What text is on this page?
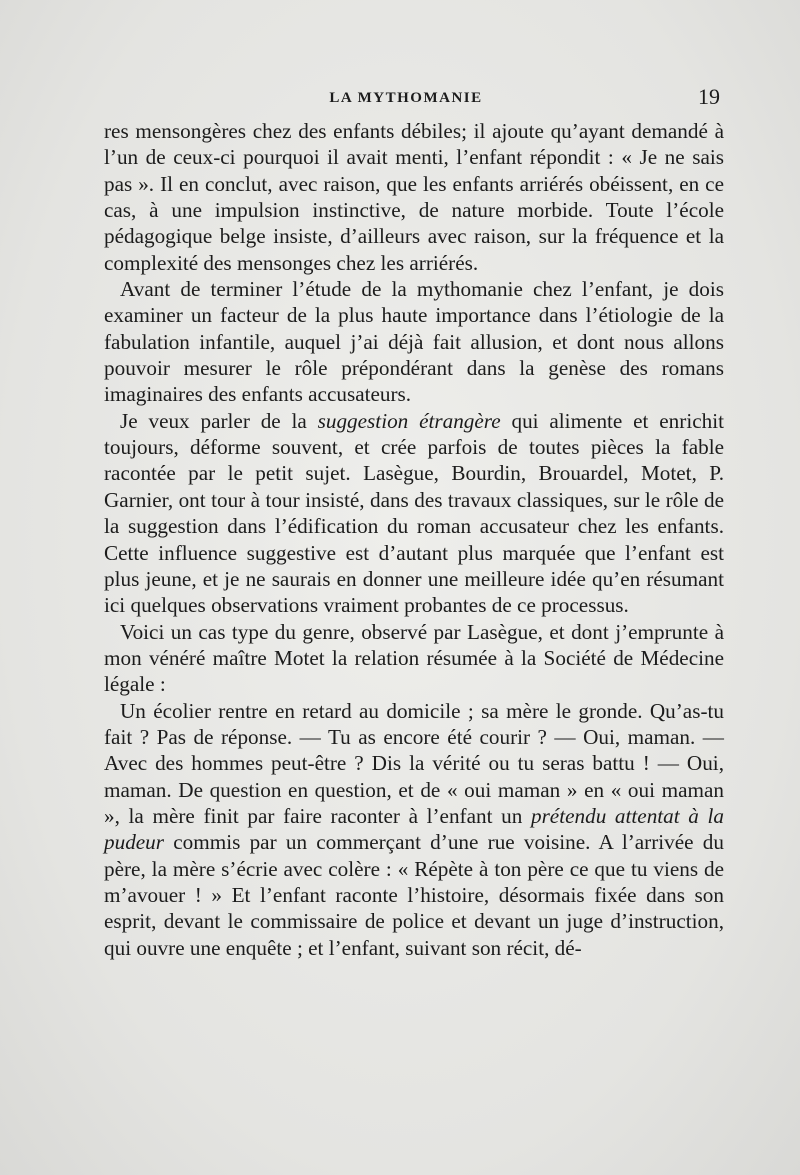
LA MYTHOMANIE	19

res mensongères chez des enfants débiles; il ajoute qu’ayant demandé à l’un de ceux-ci pourquoi il avait menti, l’enfant répondit : « Je ne sais pas ». Il en conclut, avec raison, que les enfants arriérés obéissent, en ce cas, à une impulsion instinctive, de nature morbide. Toute l’école pédagogique belge insiste, d’ailleurs avec raison, sur la fréquence et la complexité des mensonges chez les arriérés.

Avant de terminer l’étude de la mythomanie chez l’enfant, je dois examiner un facteur de la plus haute importance dans l’étiologie de la fabulation infantile, auquel j’ai déjà fait allusion, et dont nous allons pouvoir mesurer le rôle prépondérant dans la genèse des romans imaginaires des enfants accusateurs.

Je veux parler de la suggestion étrangère qui alimente et enrichit toujours, déforme souvent, et crée parfois de toutes pièces la fable racontée par le petit sujet. Lasègue, Bourdin, Brouardel, Motet, P. Garnier, ont tour à tour insisté, dans des travaux classiques, sur le rôle de la suggestion dans l’édification du roman accusateur chez les enfants. Cette influence suggestive est d’autant plus marquée que l’enfant est plus jeune, et je ne saurais en donner une meilleure idée qu’en résumant ici quelques observations vraiment probantes de ce processus.

Voici un cas type du genre, observé par Lasègue, et dont j’emprunte à mon vénéré maître Motet la relation résumée à la Société de Médecine légale :

Un écolier rentre en retard au domicile ; sa mère le gronde. Qu’as-tu fait ? Pas de réponse. — Tu as encore été courir ? — Oui, maman. — Avec des hommes peut-être ? Dis la vérité ou tu seras battu ! — Oui, maman. De question en question, et de « oui maman » en « oui maman », la mère finit par faire raconter à l’enfant un prétendu attentat à la pudeur commis par un commerçant d’une rue voisine. A l’arrivée du père, la mère s’écrie avec colère : « Répète à ton père ce que tu viens de m’avouer ! » Et l’enfant raconte l’histoire, désormais fixée dans son esprit, devant le commissaire de police et devant un juge d’instruction, qui ouvre une enquête ; et l’enfant, suivant son récit, dé-
